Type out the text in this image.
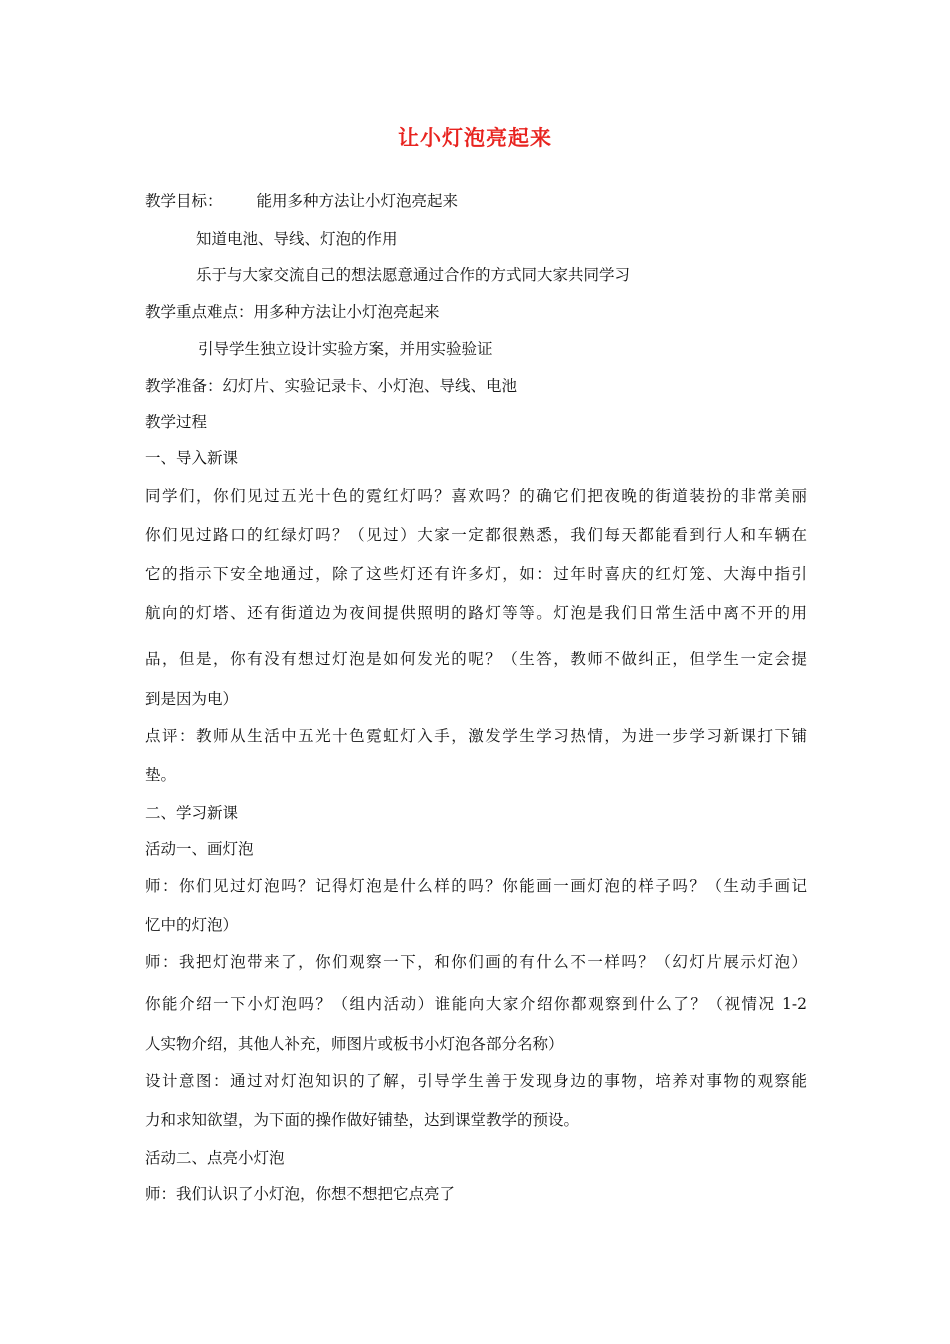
让小灯泡亮起来
教学目标： 能用多种方法让小灯泡亮起来
知道电池、导线、灯泡的作用
乐于与大家交流自己的想法愿意通过合作的方式同大家共同学习
教学重点难点：用多种方法让小灯泡亮起来
引导学生独立设计实验方案，并用实验验证
教学准备：幻灯片、实验记录卡、小灯泡、导线、电池
教学过程
一、导入新课
同学们，你们见过五光十色的霓红灯吗？喜欢吗？的确它们把夜晚的街道装扮的非常美丽
你们见过路口的红绿灯吗？（见过）大家一定都很熟悉，我们每天都能看到行人和车辆在
它的指示下安全地通过，除了这些灯还有许多灯，如：过年时喜庆的红灯笼、大海中指引
航向的灯塔、还有街道边为夜间提供照明的路灯等等。灯泡是我们日常生活中离不开的用
品，但是，你有没有想过灯泡是如何发光的呢？（生答，教师不做纠正，但学生一定会提
到是因为电）
点评：教师从生活中五光十色霓虹灯入手，激发学生学习热情，为进一步学习新课打下铺
垫。
二、学习新课
活动一、画灯泡
师：你们见过灯泡吗？记得灯泡是什么样的吗？你能画一画灯泡的样子吗？（生动手画记
忆中的灯泡）
师：我把灯泡带来了，你们观察一下，和你们画的有什么不一样吗？（幻灯片展示灯泡）
你能介绍一下小灯泡吗？（组内活动）谁能向大家介绍你都观察到什么了？（视情况 1-2
人实物介绍，其他人补充，师图片或板书小灯泡各部分名称）
设计意图：通过对灯泡知识的了解，引导学生善于发现身边的事物，培养对事物的观察能
力和求知欲望，为下面的操作做好铺垫，达到课堂教学的预设。
活动二、点亮小灯泡
师：我们认识了小灯泡，你想不想把它点亮了
